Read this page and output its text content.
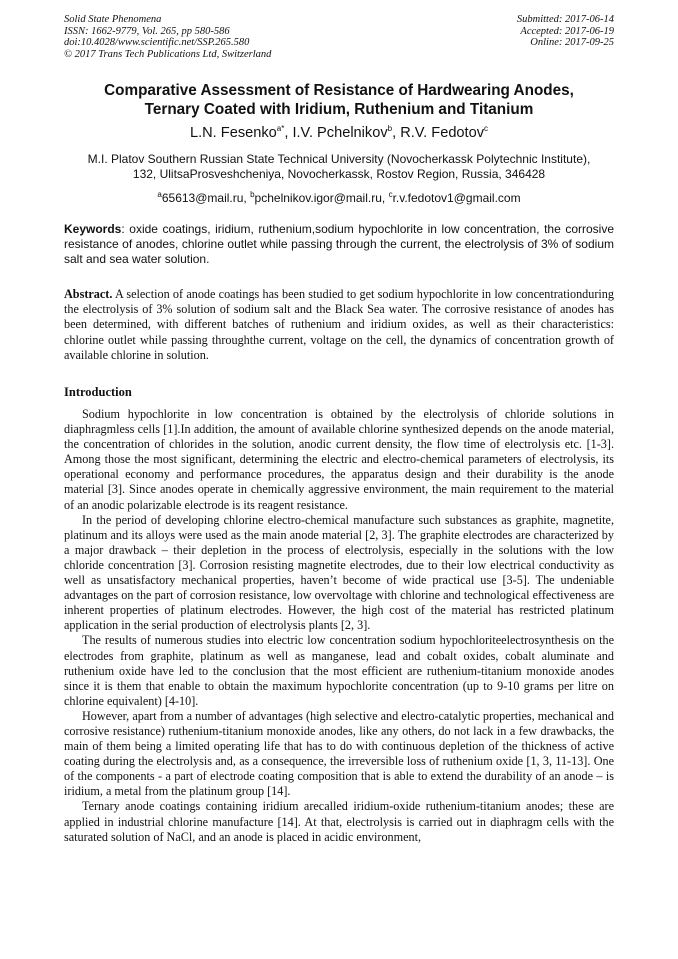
Solid State Phenomena
ISSN: 1662-9779, Vol. 265, pp 580-586
doi:10.4028/www.scientific.net/SSP.265.580
© 2017 Trans Tech Publications Ltd, Switzerland
Submitted: 2017-06-14
Accepted: 2017-06-19
Online: 2017-09-25
Comparative Assessment of Resistance of Hardwearing Anodes,
Ternary Coated with Iridium, Ruthenium and Titanium
L.N. Fesenko$^{a*}$, I.V. Pchelnikov$^b$, R.V. Fedotov$^c$
M.I. Platov Southern Russian State Technical University (Novocherkassk Polytechnic Institute),
132, UlitsaProsveshcheniya, Novocherkassk, Rostov Region, Russia, 346428
$^a$65613@mail.ru, $^b$pchelnikov.igor@mail.ru, $^c$r.v.fedotov1@gmail.com
Keywords: oxide coatings, iridium, ruthenium,sodium hypochlorite in low concentration, the corrosive resistance of anodes, chlorine outlet while passing through the current, the electrolysis of 3% of sodium salt and sea water solution.
Abstract. A selection of anode coatings has been studied to get sodium hypochlorite in low concentrationduring the electrolysis of 3% solution of sodium salt and the Black Sea water. The corrosive resistance of anodes has been determined, with different batches of ruthenium and iridium oxides, as well as their characteristics: chlorine outlet while passing throughthe current, voltage on the cell, the dynamics of concentration growth of available chlorine in solution.
Introduction

Sodium hypochlorite in low concentration is obtained by the electrolysis of chloride solutions in diaphragmless cells [1].In addition, the amount of available chlorine synthesized depends on the anode material, the concentration of chlorides in the solution, anodic current density, the flow time of electrolysis etc. [1-3]. Among those the most significant, determining the electric and electro-chemical parameters of electrolysis, its operational economy and performance procedures, the apparatus design and their durability is the anode material [3]. Since anodes operate in chemically aggressive environment, the main requirement to the material of an anodic polarizable electrode is its reagent resistance.

In the period of developing chlorine electro-chemical manufacture such substances as graphite, magnetite, platinum and its alloys were used as the main anode material [2, 3]. The graphite electrodes are characterized by a major drawback – their depletion in the process of electrolysis, especially in the solutions with the low chloride concentration [3]. Corrosion resisting magnetite electrodes, due to their low electrical conductivity as well as unsatisfactory mechanical properties, haven’t become of wide practical use [3-5]. The undeniable advantages on the part of corrosion resistance, low overvoltage with chlorine and technological effectiveness are inherent properties of platinum electrodes. However, the high cost of the material has restricted platinum application in the serial production of electrolysis plants [2, 3].

The results of numerous studies into electric low concentration sodium hypochloriteelectrosynthesis on the electrodes from graphite, platinum as well as manganese, lead and cobalt oxides, cobalt aluminate and ruthenium oxide have led to the conclusion that the most efficient are ruthenium-titanium monoxide anodes since it is them that enable to obtain the maximum hypochlorite concentration (up to 9-10 grams per litre on chlorine equivalent) [4-10].

However, apart from a number of advantages (high selective and electro-catalytic properties, mechanical and corrosive resistance) ruthenium-titanium monoxide anodes, like any others, do not lack in a few drawbacks, the main of them being a limited operating life that has to do with continuous depletion of the thickness of active coating during the electrolysis and, as a consequence, the irreversible loss of ruthenium oxide [1, 3, 11-13]. One of the components - a part of electrode coating composition that is able to extend the durability of an anode – is iridium, a metal from the platinum group [14].

Ternary anode coatings containing iridium arecalled iridium-oxide ruthenium-titanium anodes; these are applied in industrial chlorine manufacture [14]. At that, electrolysis is carried out in diaphragm cells with the saturated solution of NaCl, and an anode is placed in acidic environment,
